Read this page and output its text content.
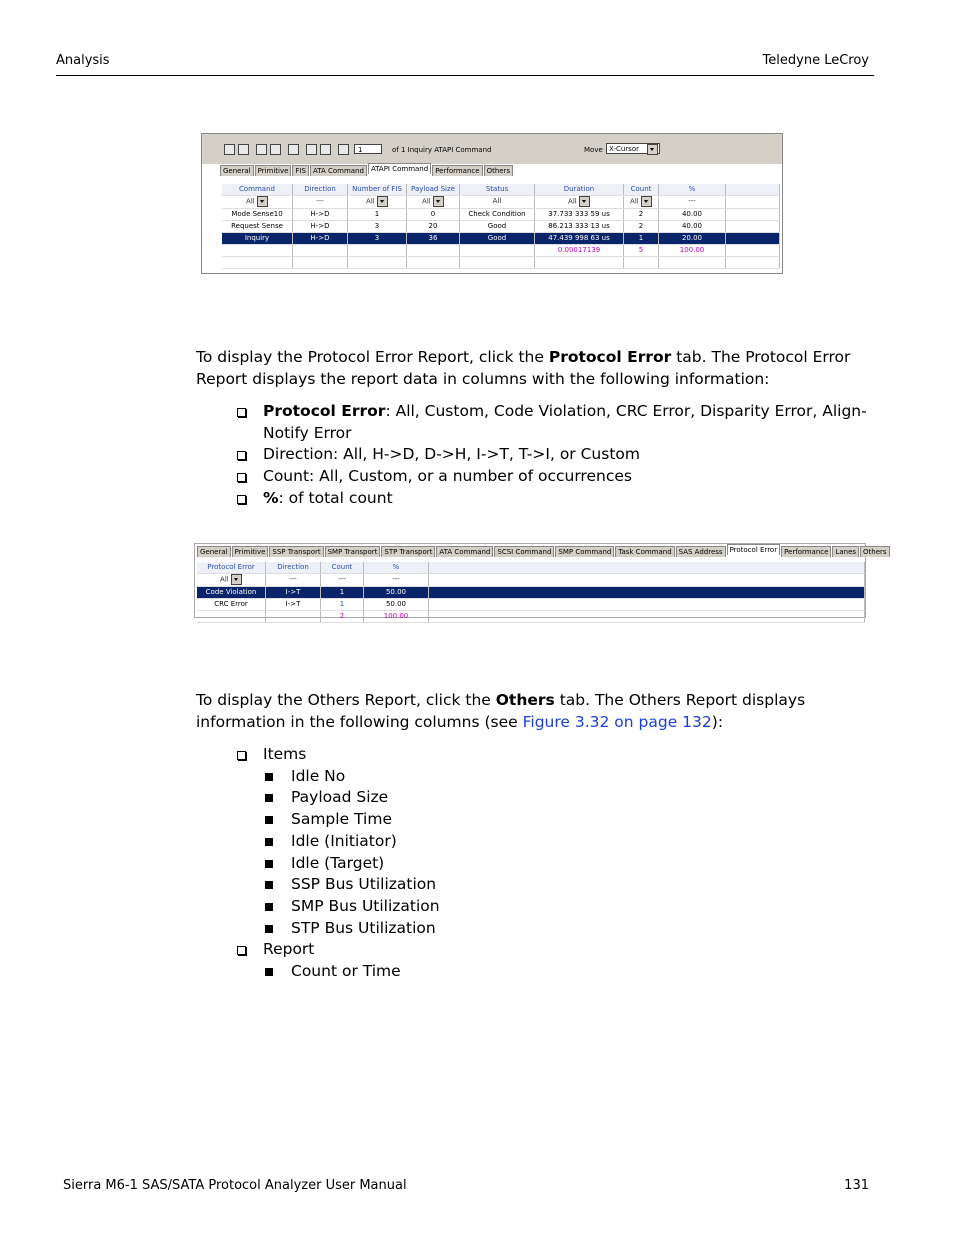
Analysis	Teledyne LeCroy
1	of 1 Inquiry ATAPI Command	Move X-Cursor
General Primitive FIS ATA Command ATAPI Command Performance Others
Command	Direction	Number of FIS	Payload Size	Status	Duration	Count	%	
All	---	All	All	All	All	All	---	
Mode Sense10	H->D	1	0	Check Condition	37.733 333 59 us	2	40.00	
Request Sense	H->D	3	20	Good	86.213 333 13 us	2	40.00	
Inquiry	H->D	3	36	Good	47.439 998 63 us	1	20.00	
					0.00017139	5	100.00	

To display the Protocol Error Report, click the Protocol Error tab. The Protocol Error Report displays the report data in columns with the following information:
Protocol Error: All, Custom, Code Violation, CRC Error, Disparity Error, Align-Notify Error
Direction: All, H->D, D->H, I->T, T->I, or Custom
Count: All, Custom, or a number of occurrences
%: of total count
General Primitive SSP Transport SMP Transport STP Transport ATA Command SCSI Command SMP Command Task Command SAS Address Protocol Error Performance Lanes Others
Protocol Error	Direction	Count	%	
All	---	---	---	
Code Violation	I->T	1	50.00	
CRC Error	I->T	1	50.00	
		2	100.00	
To display the Others Report, click the Others tab. The Others Report displays information in the following columns (see Figure 3.32 on page 132):
Items
Idle No
Payload Size
Sample Time
Idle (Initiator)
Idle (Target)
SSP Bus Utilization
SMP Bus Utilization
STP Bus Utilization
Report
Count or Time
Sierra M6-1 SAS/SATA Protocol Analyzer User Manual	131
